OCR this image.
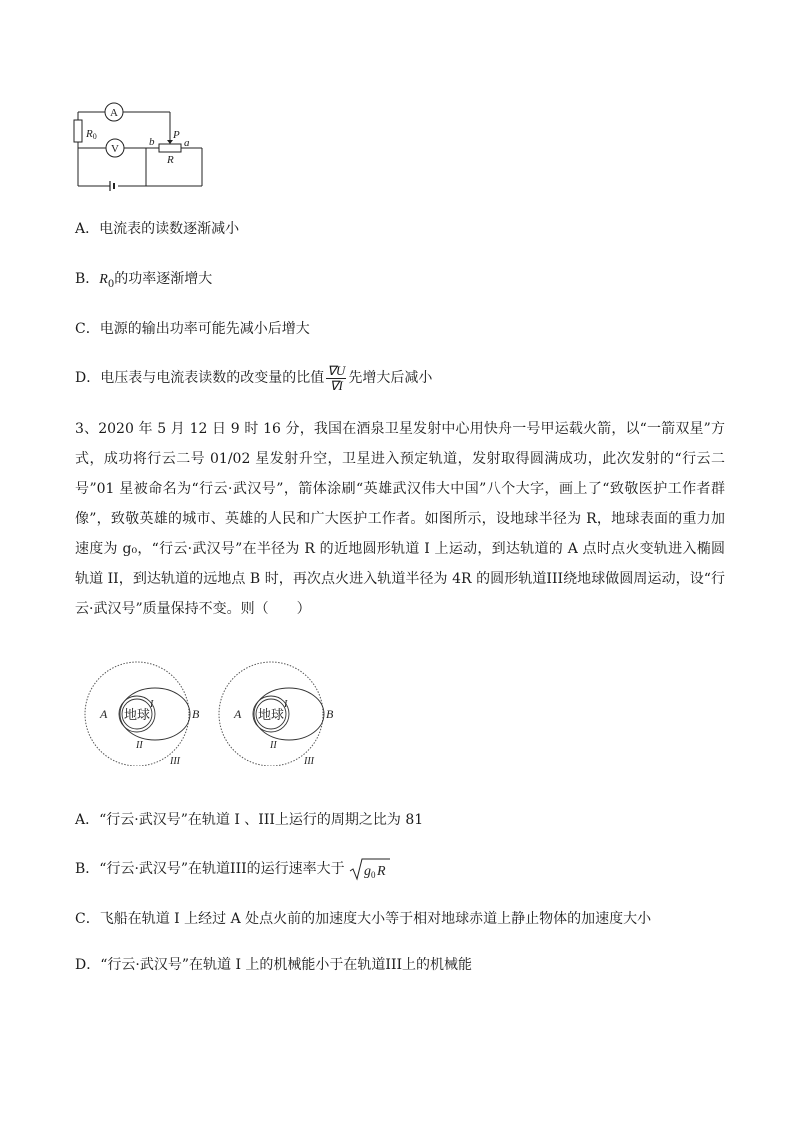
A
V
R0	b
P
a
R
A．电流表的读数逐渐减小
B．$R_0$的功率逐渐增大
C．电源的输出功率可能先减小后增大
D．电压表与电流表读数的改变量的比值 $\frac{\nabla U}{\nabla I}$ 先增大后减小
3、2020 年 5 月 12 日 9 时 16 分，我国在酒泉卫星发射中心用快舟一号甲运载火箭，以“一箭双星”方式，成功将行云二号 01/02 星发射升空，卫星进入预定轨道，发射取得圆满成功，此次发射的“行云二号”01 星被命名为“行云·武汉号”，箭体涂刷“英雄武汉伟大中国”八个大字，画上了“致敬医护工作者群像”，致敬英雄的城市、英雄的人民和广大医护工作者。如图所示，设地球半径为 R，地球表面的重力加速度为 g₀，“行云·武汉号”在半径为 R 的近地圆形轨道 I 上运动，到达轨道的 A 点时点火变轨进入椭圆轨道 II，到达轨道的远地点 B 时，再次点火进入轨道半径为 4R 的圆形轨道III绕地球做圆周运动，设“行云·武汉号”质量保持不变。则（　　）
地球
A	B
I
II
III
地球
A	B
I
II
III
A．“行云·武汉号”在轨道 I 、III上运行的周期之比为 81
B．“行云·武汉号”在轨道III的运行速率大于 g 0 R
C．飞船在轨道 I 上经过 A 处点火前的加速度大小等于相对地球赤道上静止物体的加速度大小
D．“行云·武汉号”在轨道 I 上的机械能小于在轨道III上的机械能
